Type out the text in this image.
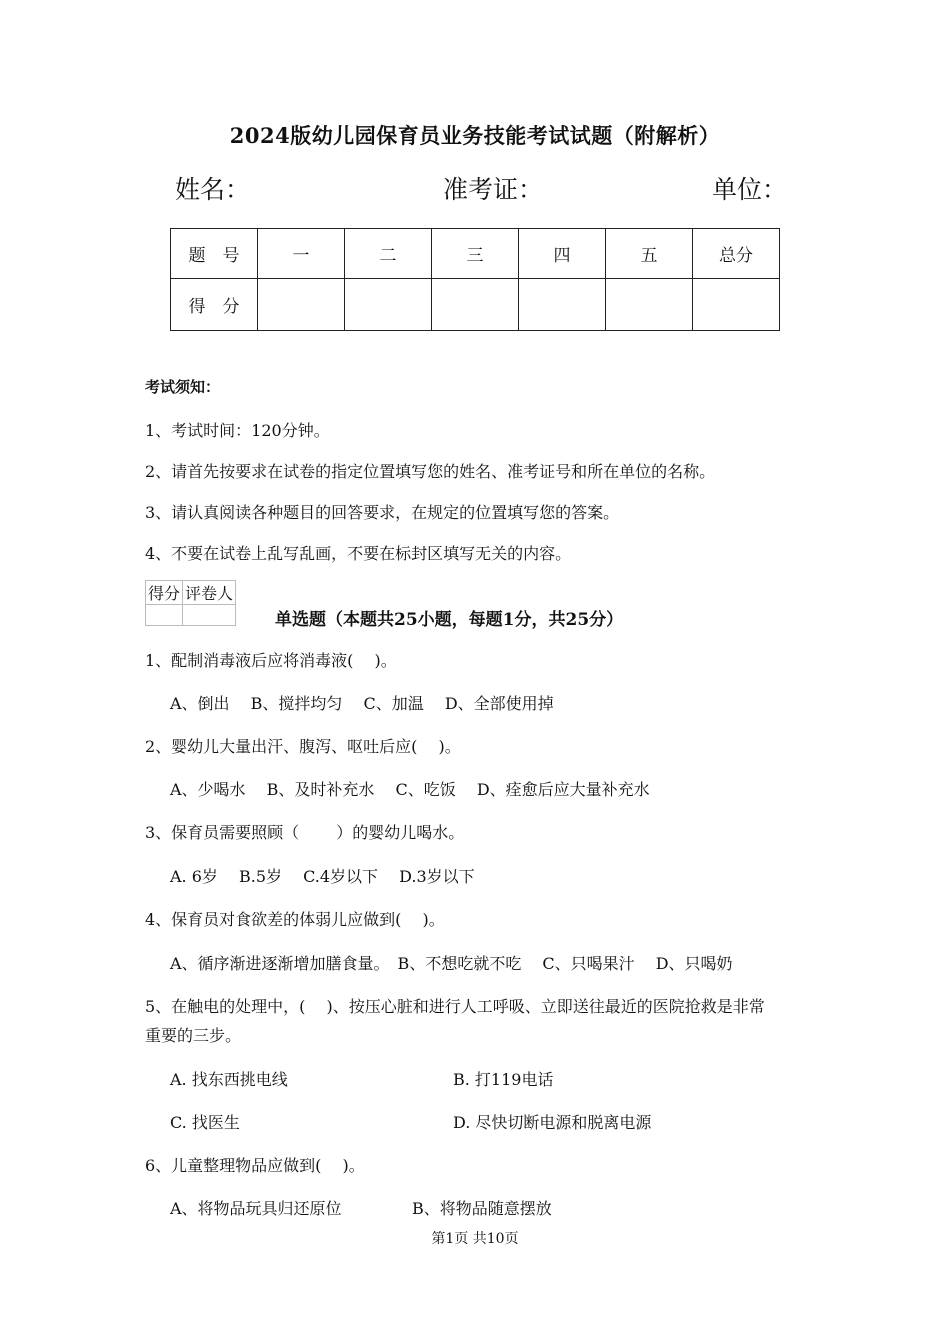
2024版幼儿园保育员业务技能考试试题（附解析）
姓名：	准考证：	单位：
题　号	一	二	三	四	五	总分
得　分						
考试须知：
1、考试时间：120分钟。
2、请首先按要求在试卷的指定位置填写您的姓名、准考证号和所在单位的名称。
3、请认真阅读各种题目的回答要求，在规定的位置填写您的答案。
4、不要在试卷上乱写乱画，不要在标封区填写无关的内容。
得分	评卷人

单选题（本题共25小题，每题1分，共25分）
1、配制消毒液后应将消毒液(　 )。
A、倒出　 B、搅拌均匀　 C、加温　 D、全部使用掉
2、婴幼儿大量出汗、腹泻、呕吐后应(　 )。
A、少喝水　 B、及时补充水　 C、吃饭　 D、痊愈后应大量补充水
3、保育员需要照顾（　　 ）的婴幼儿喝水。
A. 6岁　 B.5岁　 C.4岁以下　 D.3岁以下
4、保育员对食欲差的体弱儿应做到(　 )。
A、循序渐进逐渐增加膳食量。　B、不想吃就不吃　 C、只喝果汁　 D、只喝奶
5、在触电的处理中，(　 )、按压心脏和进行人工呼吸、立即送往最近的医院抢救是非常
重要的三步。
A. 找东西挑电线	B. 打119电话
C. 找医生	D. 尽快切断电源和脱离电源
6、儿童整理物品应做到(　 )。
A、将物品玩具归还原位	B、将物品随意摆放
第1页 共10页
